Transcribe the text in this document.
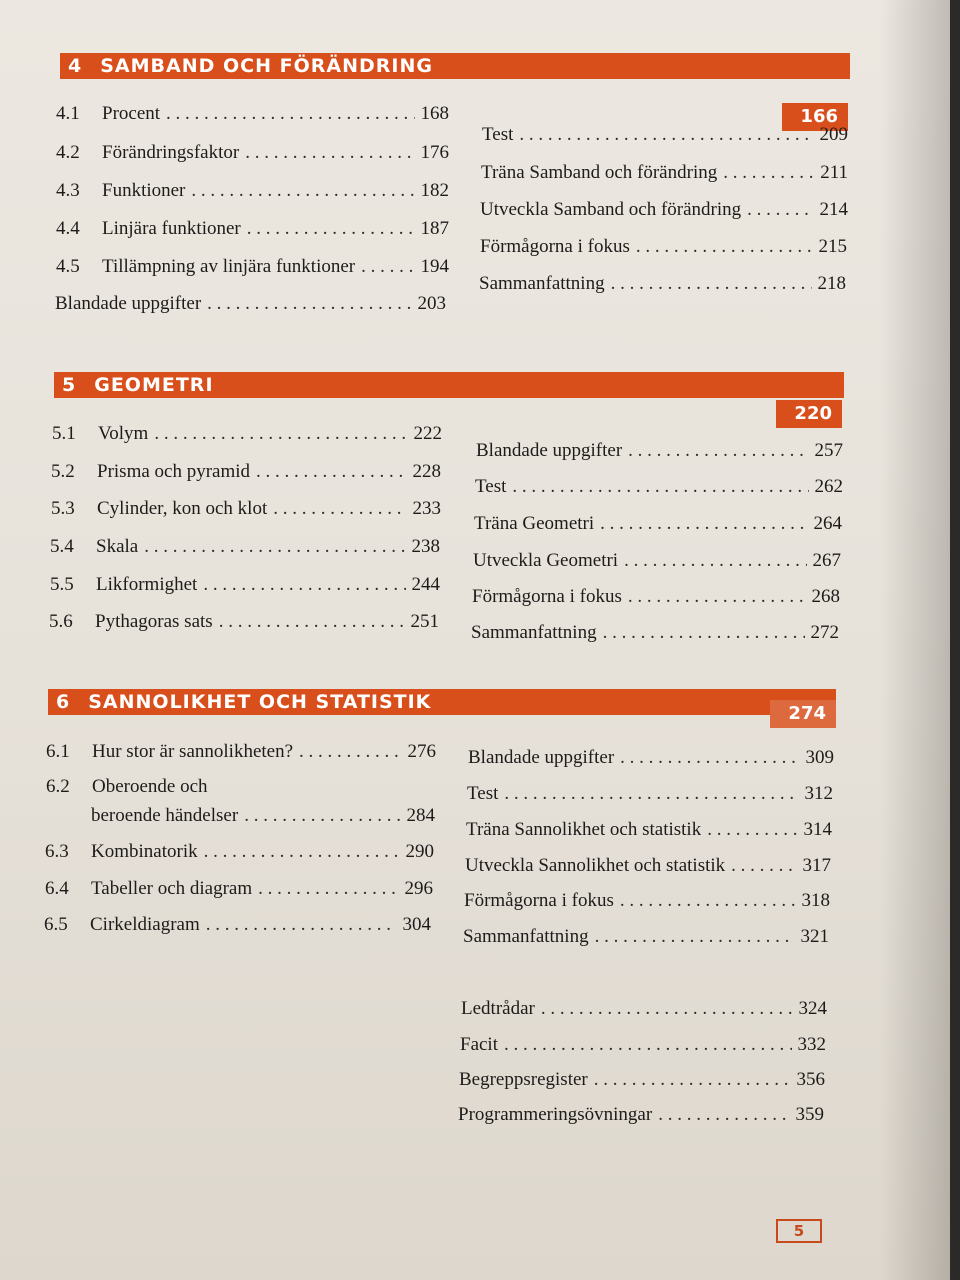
4 SAMBAND OCH FÖRÄNDRING
166
4.1	Procent . . .	168
4.2	Förändringsfaktor . . .	176
4.3	Funktioner . . .	182
4.4	Linjära funktioner . . .	187
4.5	Tillämpning av linjära funktioner . . .	194
Blandade uppgifter . . .	203
Test . . .	209
Träna Samband och förändring . . .	211
Utveckla Samband och förändring . . .	214
Förmågorna i fokus . . .	215
Sammanfattning . . .	218
5 GEOMETRI
220
5.1	Volym . . .	222
5.2	Prisma och pyramid . . .	228
5.3	Cylinder, kon och klot . . .	233
5.4	Skala . . .	238
5.5	Likformighet . . .	244
5.6	Pythagoras sats . . .	251
Blandade uppgifter . . .	257
Test . . .	262
Träna Geometri . . .	264
Utveckla Geometri . . .	267
Förmågorna i fokus . . .	268
Sammanfattning . . .	272
6 SANNOLIKHET OCH STATISTIK
274
6.1	Hur stor är sannolikheten? . . .	276
6.2 Oberoende och
beroende händelser . . .	284
6.3	Kombinatorik . . .	290
6.4	Tabeller och diagram . . .	296
6.5	Cirkeldiagram . . .	304
Blandade uppgifter . . .	309
Test . . .	312
Träna Sannolikhet och statistik . . .	314
Utveckla Sannolikhet och statistik . . .	317
Förmågorna i fokus . . .	318
Sammanfattning . . .	321
Ledtrådar . . .	324
Facit . . .	332
Begreppsregister . . .	356
Programmeringsövningar . . .	359
5
